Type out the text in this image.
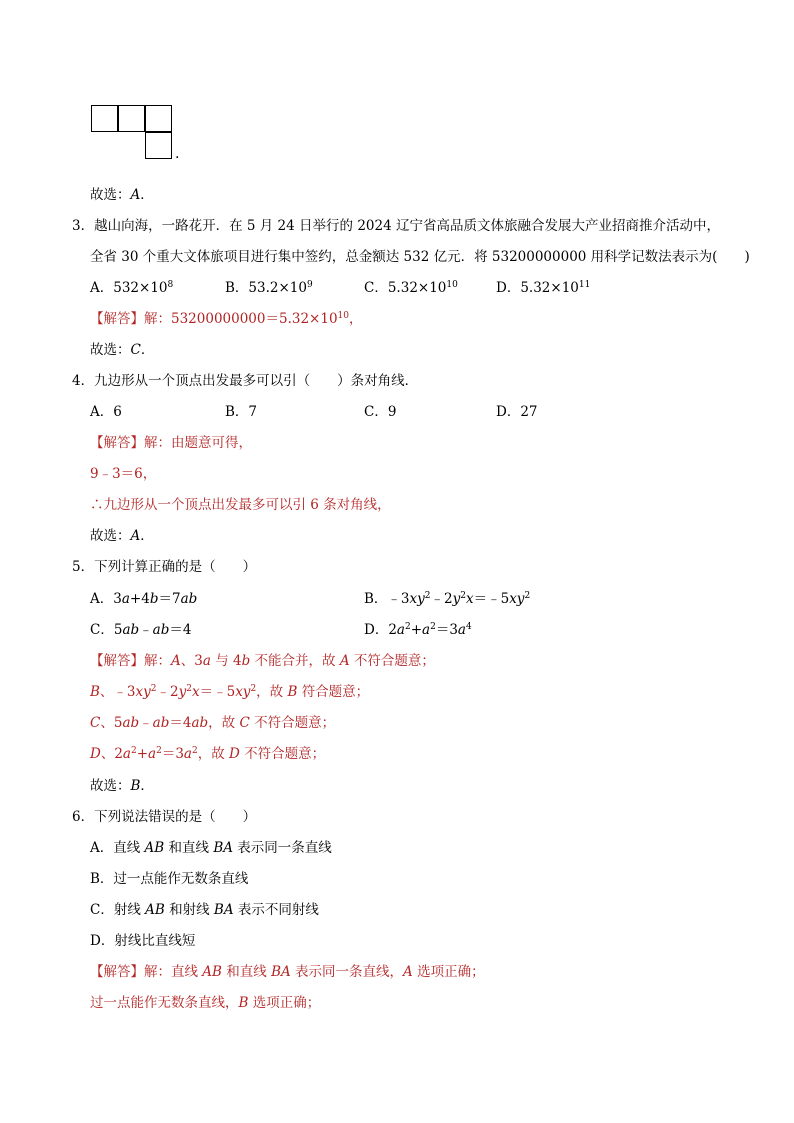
.
故选：A．
3．越山向海，一路花开．在 5 月 24 日举行的 2024 辽宁省高品质文体旅融合发展大产业招商推介活动中，
全省 30 个重大文体旅项目进行集中签约，总金额达 532 亿元．将 53200000000 用科学记数法表示为(　　)
A．$532\times 10^8$	B．$53.2\times 10^9$	C．$5.32\times 10^{10}$	D．$5.32\times 10^{11}$
【解答】解：$53200000000=5.32\times 10^{10}$，
故选：C．
4．九边形从一个顶点出发最多可以引（　　）条对角线．
A．6	B．7	C．9	D．27
【解答】解：由题意可得，
9﹣3＝6，
∴九边形从一个顶点出发最多可以引 6 条对角线，
故选：A．
5．下列计算正确的是（　　）
A．3a+4b＝7ab	B．$﹣3xy^2﹣2y^2x=﹣5xy^2$
C．5ab﹣ab＝4	D．$2a^2+a^2=3a^4$
【解答】解：A、3a 与 4b 不能合并，故 A 不符合题意；
B、$﹣3xy^2﹣2y^2x=﹣5xy^2$，故 B 符合题意；
C、5ab﹣ab＝4ab，故 C 不符合题意；
D、$2a^2+a^2=3a^2$，故 D 不符合题意；
故选：B．
6．下列说法错误的是（　　）
A．直线 AB 和直线 BA 表示同一条直线
B．过一点能作无数条直线
C．射线 AB 和射线 BA 表示不同射线
D．射线比直线短
【解答】解：直线 AB 和直线 BA 表示同一条直线，A 选项正确；
过一点能作无数条直线，B 选项正确；
